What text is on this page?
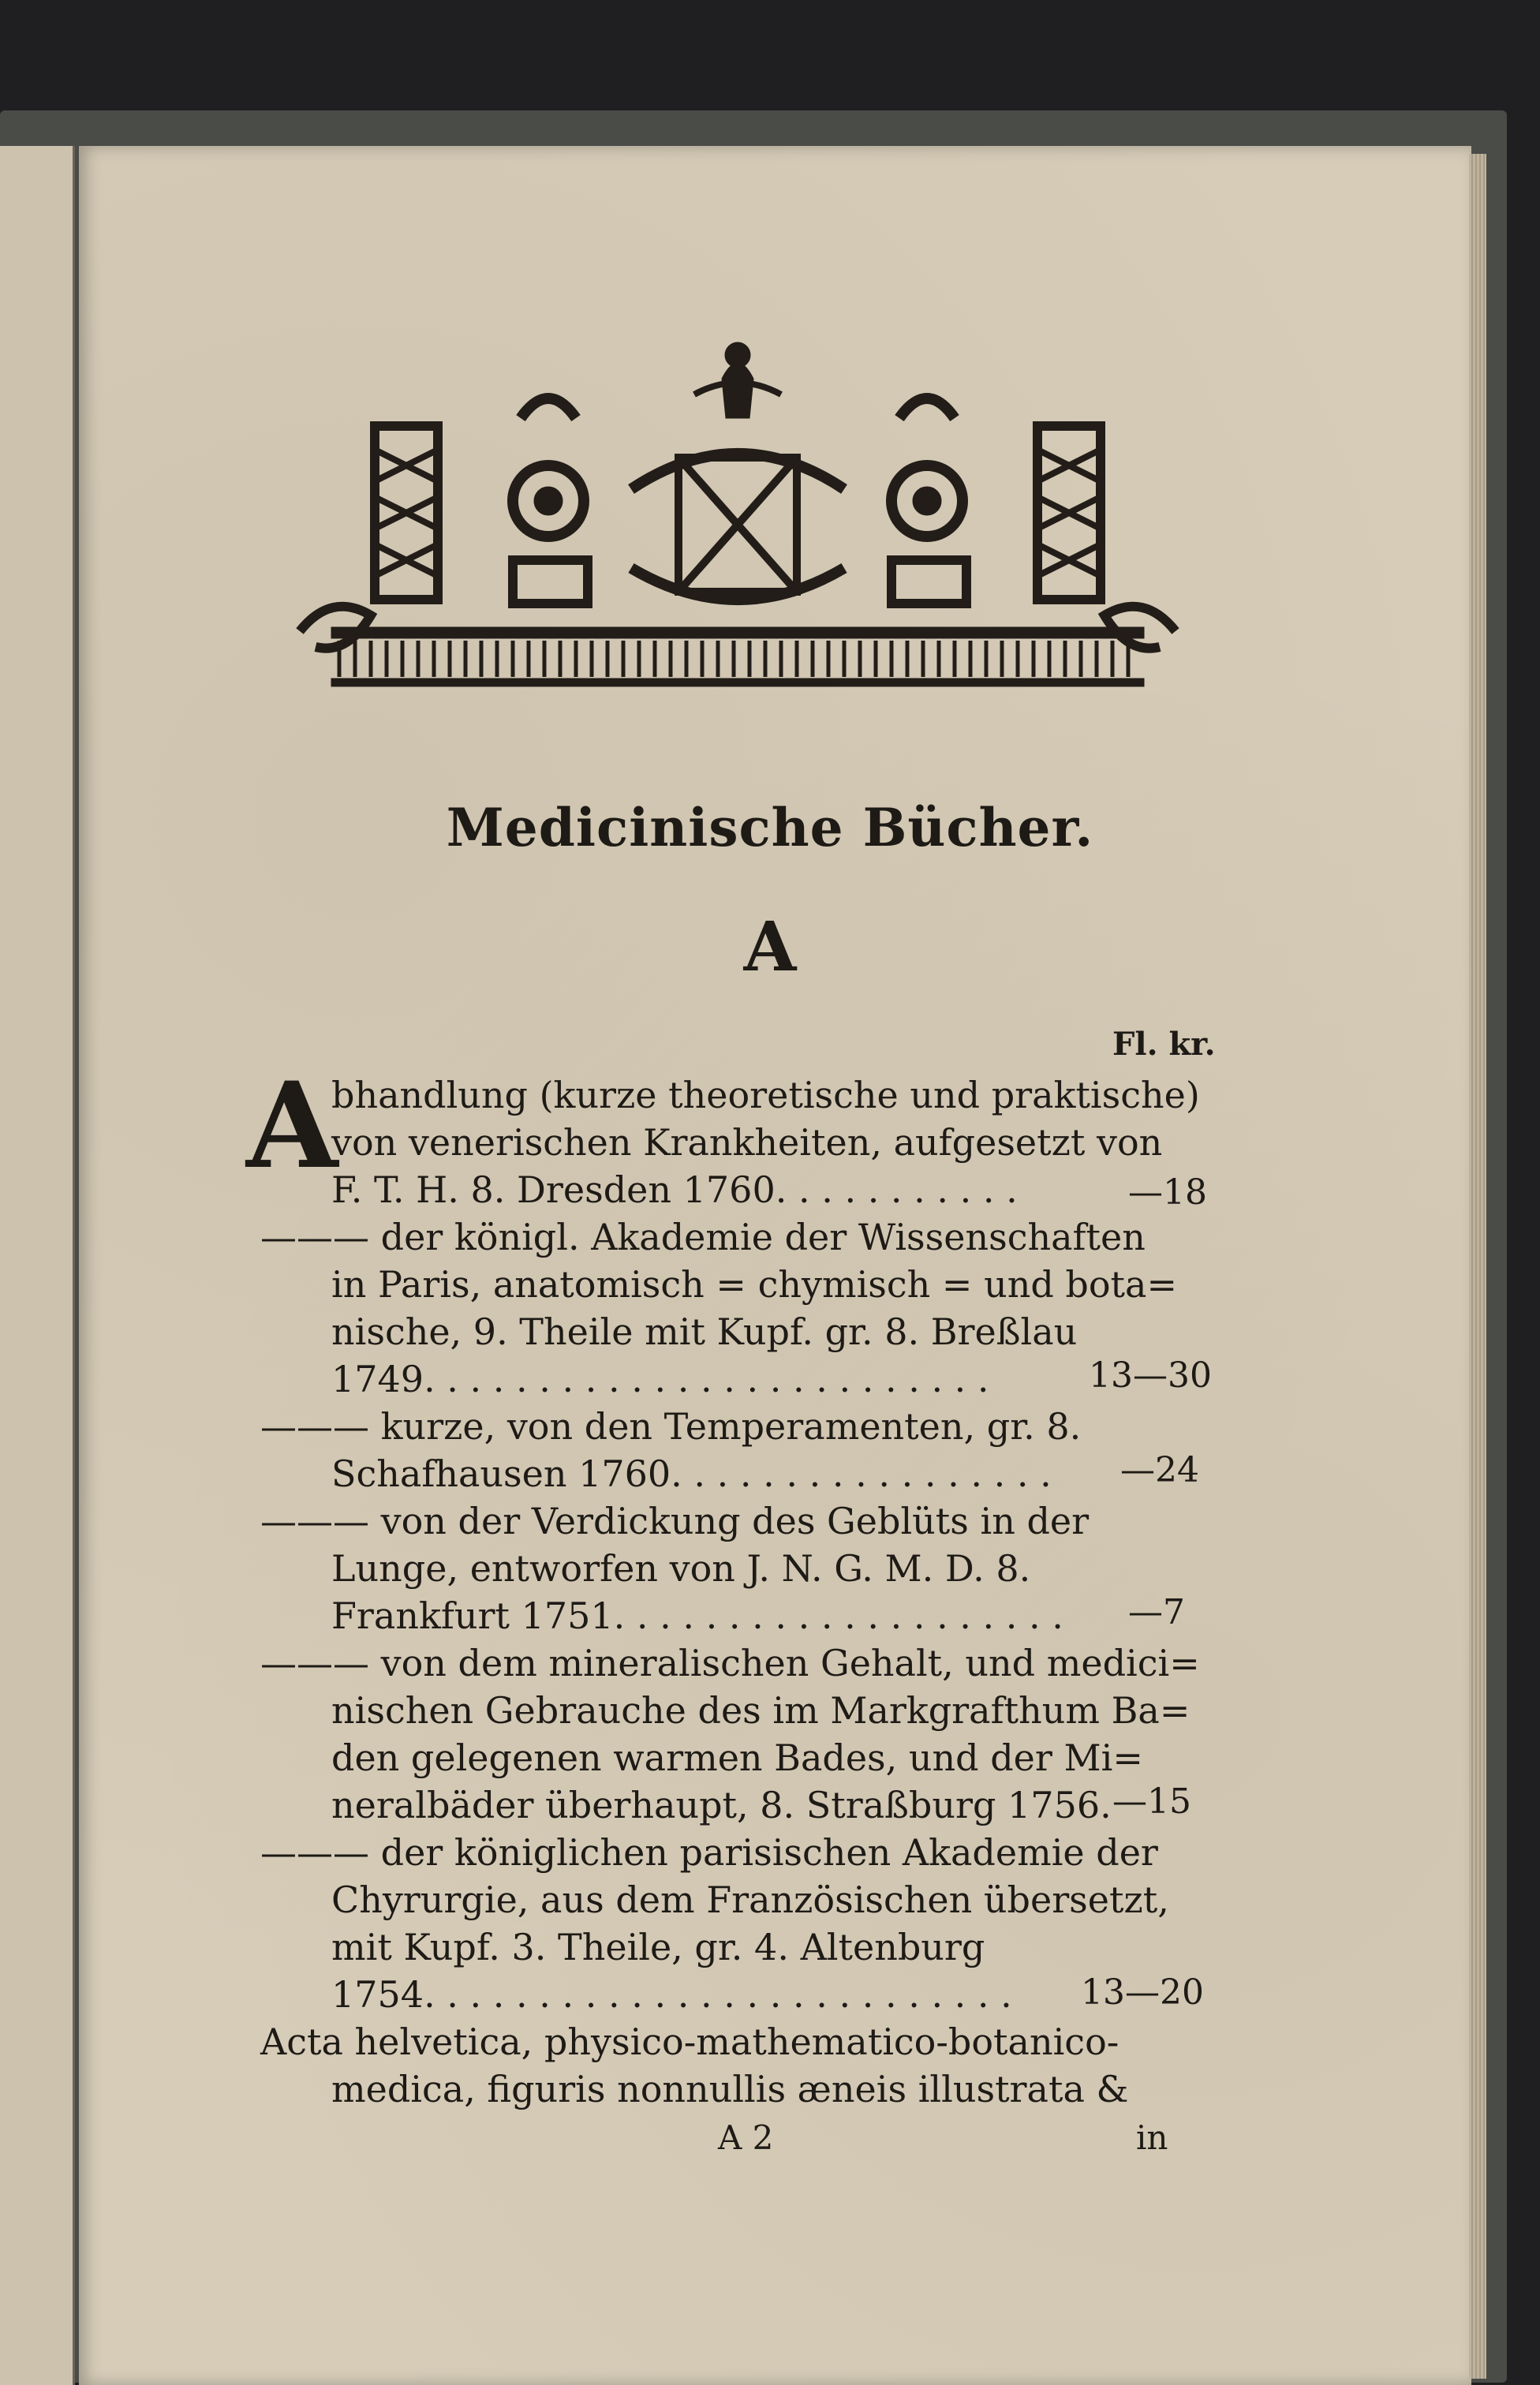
Medicinische Bücher.
A
Fl. kr.
A
bhandlung (kurze theoretische und praktische)
von venerischen Krankheiten, aufgesetzt von
F. T. H. 8. Dresden 1760. . . . . . . . . . .	—18
——— der königl. Akademie der Wissenschaften
in Paris, anatomisch = chymisch = und bota=
nische, 9. Theile mit Kupf. gr. 8. Breßlau
1749. . . . . . . . . . . . . . . . . . . . . . . . .	13—30
——— kurze, von den Temperamenten, gr. 8.
Schafhausen 1760. . . . . . . . . . . . . . . . . —24
——— von der Verdickung des Geblüts in der
Lunge, entworfen von J. N. G. M. D. 8.
Frankfurt 1751. . . . . . . . . . . . . . . . . . . . —7
——— von dem mineralischen Gehalt, und medici=
nischen Gebrauche des im Markgrafthum Ba=
den gelegenen warmen Bades, und der Mi=
neralbäder überhaupt, 8. Straßburg 1756. —15
——— der königlichen parisischen Akademie der
Chyrurgie, aus dem Französischen übersetzt,
mit Kupf. 3. Theile, gr. 4. Altenburg
1754. . . . . . . . . . . . . . . . . . . . . . . . . . 13—20
Acta helvetica, physico-mathematico-botanico-
medica, figuris nonnullis æneis illustrata &
A 2	in
